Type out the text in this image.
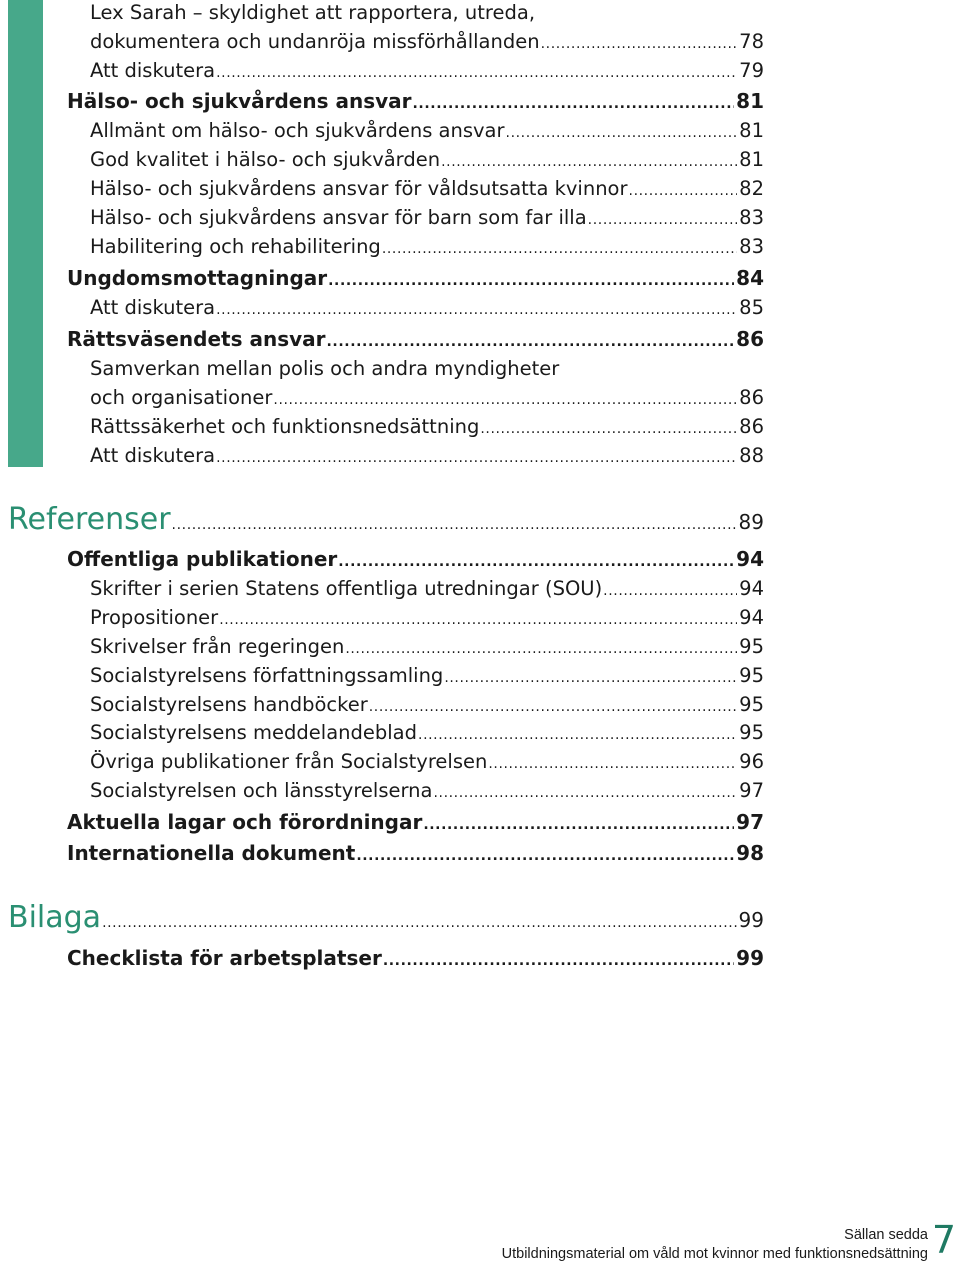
Lex Sarah – skyldighet att rapportera, utreda,
dokumentera och undanröja missförhållanden .....	78
Att diskutera .....	79
Hälso- och sjukvårdens ansvar .....	81
Allmänt om hälso- och sjukvårdens ansvar .....	81
God kvalitet i hälso- och sjukvården .....	81
Hälso- och sjukvårdens ansvar för våldsutsatta kvinnor .....	82
Hälso- och sjukvårdens ansvar för barn som far illa .....	83
Habilitering och rehabilitering .....	83
Ungdomsmottagningar .....	84
Att diskutera .....	85
Rättsväsendets ansvar .....	86
Samverkan mellan polis och andra myndigheter
och organisationer .....	86
Rättssäkerhet och funktionsnedsättning .....	86
Att diskutera .....	88
Referenser .....	89
Offentliga publikationer .....	94
Skrifter i serien Statens offentliga utredningar (SOU) .....	94
Propositioner .....	94
Skrivelser från regeringen .....	95
Socialstyrelsens författningssamling .....	95
Socialstyrelsens handböcker .....	95
Socialstyrelsens meddelandeblad .....	95
Övriga publikationer från Socialstyrelsen .....	96
Socialstyrelsen och länsstyrelserna .....	97
Aktuella lagar och förordningar .....	97
Internationella dokument .....	98
Bilaga .....	99
Checklista för arbetsplatser .....	99
Sällan sedda
Utbildningsmaterial om våld mot kvinnor med funktionsnedsättning 7
